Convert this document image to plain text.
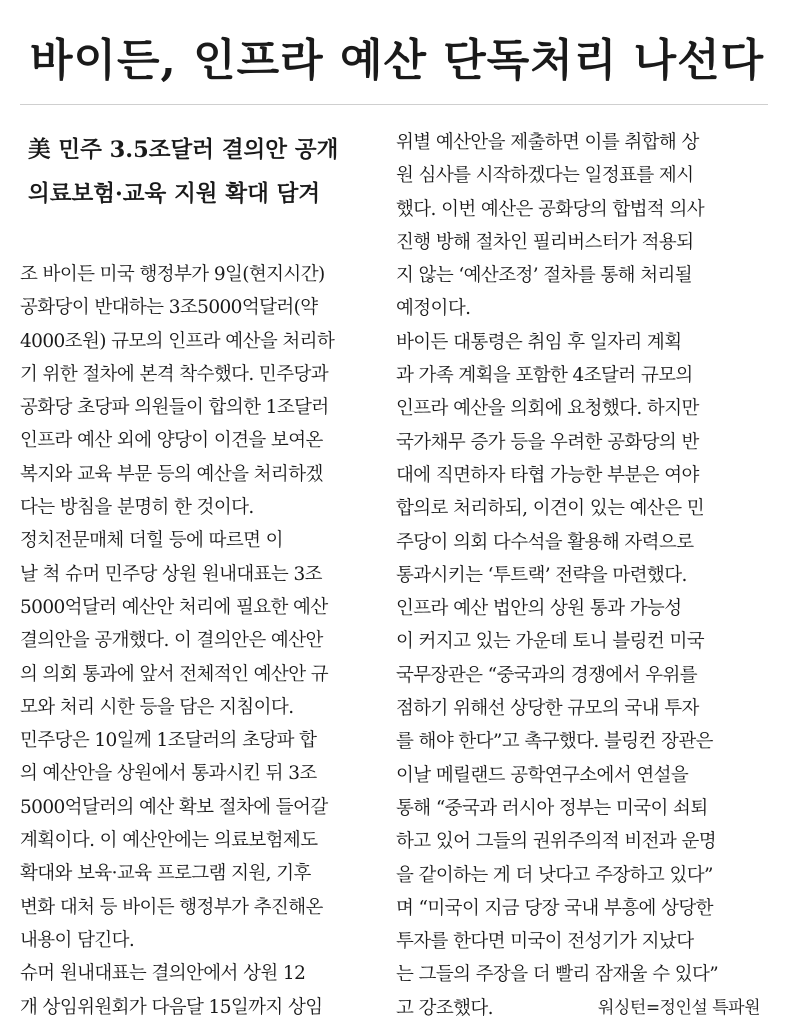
바이든, 인프라 예산 단독처리 나선다
美 민주 3.5조달러 결의안 공개
의료보험·교육 지원 확대 담겨
조 바이든 미국 행정부가 9일(현지시간)
공화당이 반대하는 3조5000억달러(약
4000조원) 규모의 인프라 예산을 처리하
기 위한 절차에 본격 착수했다. 민주당과
공화당 초당파 의원들이 합의한 1조달러
인프라 예산 외에 양당이 이견을 보여온
복지와 교육 부문 등의 예산을 처리하겠
다는 방침을 분명히 한 것이다.
정치전문매체 더힐 등에 따르면 이
날 척 슈머 민주당 상원 원내대표는 3조
5000억달러 예산안 처리에 필요한 예산
결의안을 공개했다. 이 결의안은 예산안
의 의회 통과에 앞서 전체적인 예산안 규
모와 처리 시한 등을 담은 지침이다.
민주당은 10일께 1조달러의 초당파 합
의 예산안을 상원에서 통과시킨 뒤 3조
5000억달러의 예산 확보 절차에 들어갈
계획이다. 이 예산안에는 의료보험제도
확대와 보육·교육 프로그램 지원, 기후
변화 대처 등 바이든 행정부가 추진해온
내용이 담긴다.
슈머 원내대표는 결의안에서 상원 12
개 상임위원회가 다음달 15일까지 상임
위별 예산안을 제출하면 이를 취합해 상
원 심사를 시작하겠다는 일정표를 제시
했다. 이번 예산은 공화당의 합법적 의사
진행 방해 절차인 필리버스터가 적용되
지 않는 ‘예산조정’ 절차를 통해 처리될
예정이다.
바이든 대통령은 취임 후 일자리 계획
과 가족 계획을 포함한 4조달러 규모의
인프라 예산을 의회에 요청했다. 하지만
국가채무 증가 등을 우려한 공화당의 반
대에 직면하자 타협 가능한 부분은 여야
합의로 처리하되, 이견이 있는 예산은 민
주당이 의회 다수석을 활용해 자력으로
통과시키는 ‘투트랙’ 전략을 마련했다.
인프라 예산 법안의 상원 통과 가능성
이 커지고 있는 가운데 토니 블링컨 미국
국무장관은 “중국과의 경쟁에서 우위를
점하기 위해선 상당한 규모의 국내 투자
를 해야 한다”고 촉구했다. 블링컨 장관은
이날 메릴랜드 공학연구소에서 연설을
통해 “중국과 러시아 정부는 미국이 쇠퇴
하고 있어 그들의 권위주의적 비전과 운명
을 같이하는 게 더 낫다고 주장하고 있다”
며 “미국이 지금 당장 국내 부흥에 상당한
투자를 한다면 미국이 전성기가 지났다
는 그들의 주장을 더 빨리 잠재울 수 있다”
고 강조했다.	워싱턴=정인설 특파원
